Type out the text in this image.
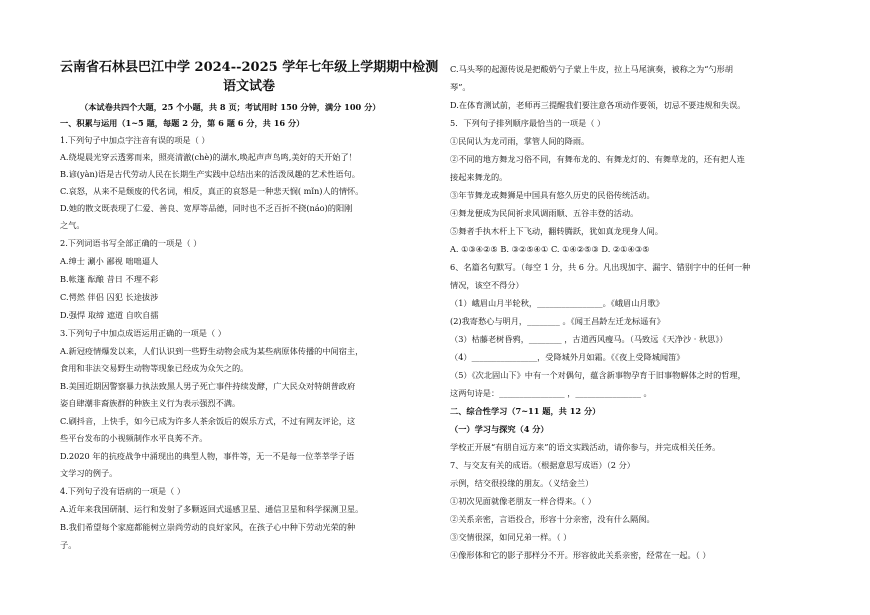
云南省石林县巴江中学 2024--2025 学年七年级上学期期中检测
语文试卷
（本试卷共四个大题，25 个小题，共 8 页；考试用时 150 分钟，满分 100 分）
一、积累与运用（1~5 题，每题 2 分，第 6 题 6 分，共 16 分）
1.下列句子中加点字注音有误的项是（ ）
A.绕堤晨光穿云透雾而来，照亮清澈(chè)的湖水,唤起声声鸟鸣,美好的天开始了！
B.谚(yàn)语是古代劳动人民在长期生产实践中总结出来的活泼凤趣的艺术性语句。
C.哀怒，从来不是颓废的代名词，相反，真正的哀怒是一种悲天悯( mǐn)人的情怀。
D.她的散文既表现了仁爱、善良、宽厚等品德，同时也不乏百折不挠(náo)的阳刚
之气。
2.下列词语书写全部正确的一项是（ ）
A.绅士 涮小 鄙视 咄咄逼人
B.帐篷 酝酿 昔日 不理不彩
C.愕然 伴侣 囚犯 长途拔涉
D.强悍 取缔 遮道 自吹自擂
3.下列句子中加点成语运用正确的一项是（ ）
A.新冠疫情爆发以来，人们认识到一些野生动物会成为某些病原体传播的中间宿主，
食用和非法交易野生动物等现象已经成为众矢之的。
B.美国近期因警察暴力执法致黑人男子死亡事件持续发酵，广大民众对特朗普政府
姿自肆潮非裔族群的种族主义行为表示强烈不满。
C.刷抖音，上快手，如今已成为许多人茶余饭后的娱乐方式，不过有网友评论，这
些平台发布的小视频制作水平良莠不齐。
D.2020 年的抗疫战争中涌现出的典型人物，事件等，无一不是每一位莘莘学子语
文学习的例子。
4.下列句子没有语病的一项是（ ）
A.近年来我国研制、运行和发射了多颗返回式遥感卫星、通信卫星和科学探测卫星。
B.我们希望每个家庭都能树立崇尚劳动的良好家风，在孩子心中种下劳动光荣的种
子。
C.马头琴的起源传说是把酸奶勺子蒙上牛皮，拉上马尾演奏，被称之为“勺形胡
琴”。
D.在体育测试前，老师再三提醒我们要注意各项动作要领，切忌不要违规和失误。
5．下列句子排列顺序最恰当的一项是（ ）
①民间认为龙司雨，掌管人间的降雨。
②不同的地方舞龙习俗不同，有舞布龙的、有舞龙灯的、有舞草龙的，还有把人连
接起来舞龙的。
③年节舞龙或舞狮是中国具有悠久历史的民俗传统活动。
④舞龙便成为民间祈求风调雨顺、五谷丰登的活动。
⑤舞者手执木杆上下飞动，翻转腾跃，犹如真龙现身人间。
A. ①③④②⑤ B. ③②⑤④① C. ①④②⑤③ D. ②①④③⑤
6、名篇名句默写。（每空 1 分，共 6 分。凡出现加字、漏字、错别字中的任何一种
情况，该空不得分）
（1）峨眉山月半轮秋，________________。《峨眉山月歌》
(2)我寄愁心与明月，________ 。《闻王昌龄左迁龙标遥有》
（3）枯藤老树昏鸦，________ ，古道西风瘦马。（马致远《天净沙 · 秋思》）
（4）________________，受降城外月如霜。《《夜上受降城闻笛》
（5）《次北固山下》中有一个对偶句，蕴含新事物孕育于旧事物解体之时的哲理，
这两句诗是：________________ ，________________ 。
二、综合性学习（7~11 题，共 12 分）
（一）学习与探究（4 分）
学校正开展“有朋自远方来”的语文实践活动，请你参与，并完成相关任务。
7、与交友有关的成语。（根据意思写成语）（2 分）
示例，结交很投缘的朋友。（义结金兰）
①初次见面就像老朋友一样合得来。（ ）
②关系亲密，言语投合，形容十分亲密，没有什么隔阂。
③交情很深，如同兄弟一样。（ ）
④像形体和它的影子那样分不开。形容彼此关系亲密，经常在一起。（ ）
